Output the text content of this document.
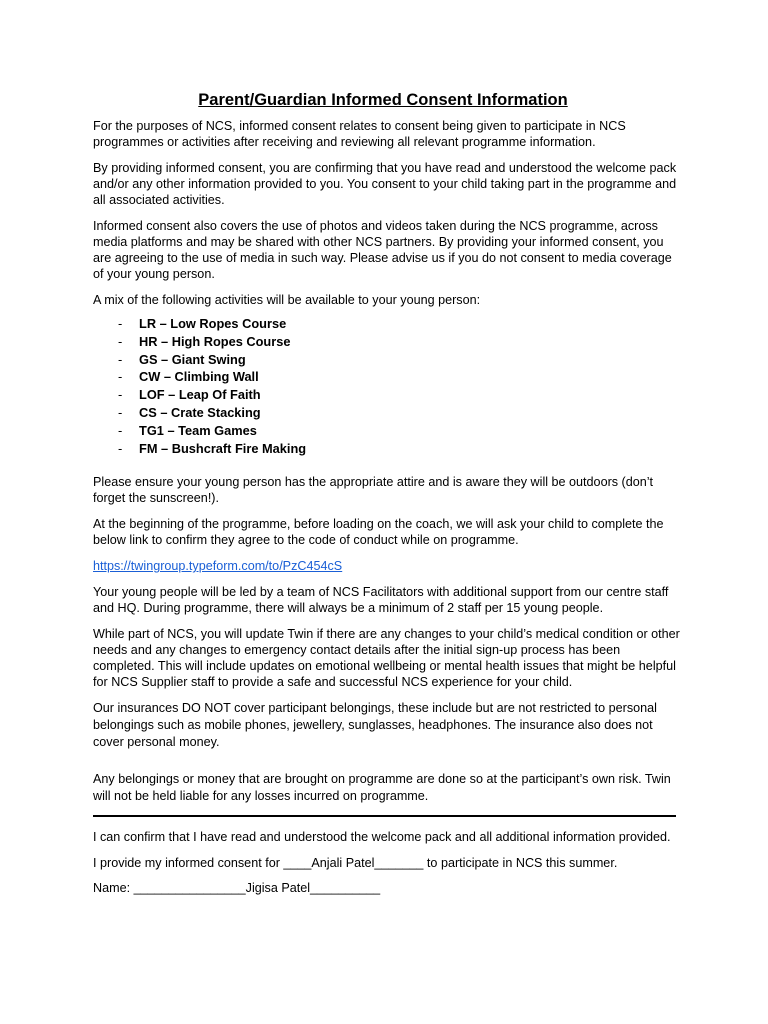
Parent/Guardian Informed Consent Information

For the purposes of NCS, informed consent relates to consent being given to participate in NCS programmes or activities after receiving and reviewing all relevant programme information.

By providing informed consent, you are confirming that you have read and understood the welcome pack and/or any other information provided to you. You consent to your child taking part in the programme and all associated activities.

Informed consent also covers the use of photos and videos taken during the NCS programme, across media platforms and may be shared with other NCS partners. By providing your informed consent, you are agreeing to the use of media in such way. Please advise us if you do not consent to media coverage of your young person.

A mix of the following activities will be available to your young person:

- LR – Low Ropes Course
- HR – High Ropes Course
- GS – Giant Swing
- CW – Climbing Wall
- LOF – Leap Of Faith
- CS – Crate Stacking
- TG1 – Team Games
- FM – Bushcraft Fire Making

Please ensure your young person has the appropriate attire and is aware they will be outdoors (don’t forget the sunscreen!).

At the beginning of the programme, before loading on the coach, we will ask your child to complete the below link to confirm they agree to the code of conduct while on programme.

https://twingroup.typeform.com/to/PzC454cS

Your young people will be led by a team of NCS Facilitators with additional support from our centre staff and HQ. During programme, there will always be a minimum of 2 staff per 15 young people.

While part of NCS, you will update Twin if there are any changes to your child’s medical condition or other needs and any changes to emergency contact details after the initial sign-up process has been completed. This will include updates on emotional wellbeing or mental health issues that might be helpful for NCS Supplier staff to provide a safe and successful NCS experience for your child.

Our insurances DO NOT cover participant belongings, these include but are not restricted to personal belongings such as mobile phones, jewellery, sunglasses, headphones. The insurance also does not cover personal money.

Any belongings or money that are brought on programme are done so at the participant’s own risk. Twin will not be held liable for any losses incurred on programme.

I can confirm that I have read and understood the welcome pack and all additional information provided.

I provide my informed consent for ____Anjali Patel_______ to participate in NCS this summer.

Name: ________________Jigisa Patel__________
